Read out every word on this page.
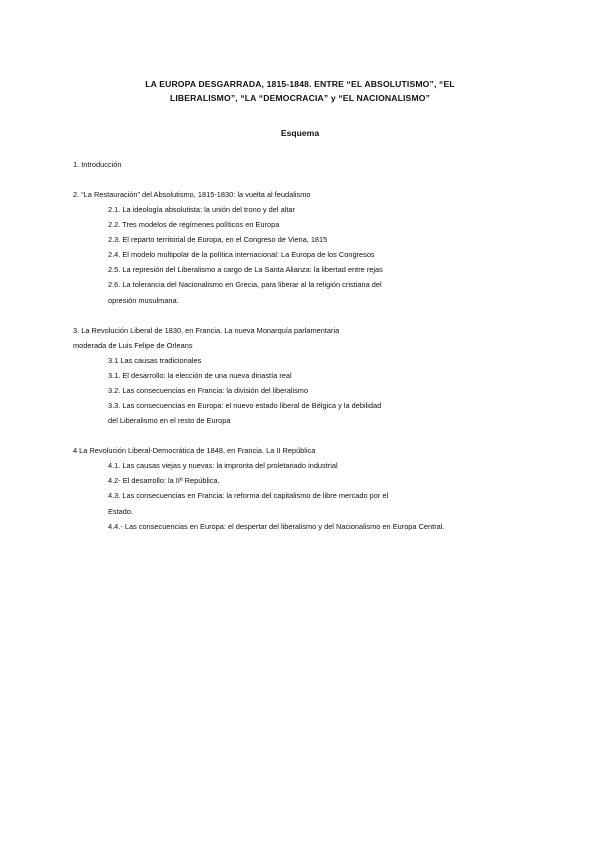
LA EUROPA DESGARRADA, 1815-1848. ENTRE “EL ABSOLUTISMO”, “EL
LIBERALISMO”, “LA “DEMOCRACIA” y “EL NACIONALISMO”
Esquema
1. Introducción
2. “La Restauración” del Absolutismo, 1815-1830: la vuelta al feudalismo
2.1. La ideología absolutista: la unión del trono y del altar
2.2. Tres modelos de regímenes políticos en Europa
2.3. El reparto territorial de Europa, en el Congreso de Viena, 1815
2.4. El modelo multipolar de la política internacional: La Europa de los Congresos
2.5. La represión del Liberalismo a cargo de La Santa Alianza: la libertad entre rejas
2.6. La tolerancia del Nacionalismo en Grecia, para liberar al la religión cristiana del
opresión musulmana.
3. La Revolución Liberal de 1830, en Francia. La nueva Monarquía parlamentaria
moderada de Luis Felipe de Orleans
3.1 Las causas tradicionales
3.1. El desarrollo: la elección de una nueva dinastía real
3.2. Las consecuencias en Francia: la división del liberalismo
3.3. Las consecuencias en Europa: el nuevo estado liberal de Bélgica y la debilidad
del Liberalismo en el resto de Europa
4 La Revolución Liberal-Democrática de 1848, en Francia. La II República
4.1. Las causas viejas y nuevas: la impronta del proletariado industrial
4.2- El desarrollo: la IIª República.
4.3. Las consecuencias en Francia: la reforma del capitalismo de libre mercado por el
Estado.
4.4.- Las consecuencias en Europa: el despertar del liberalismo y del Nacionalismo en Europa Central.
